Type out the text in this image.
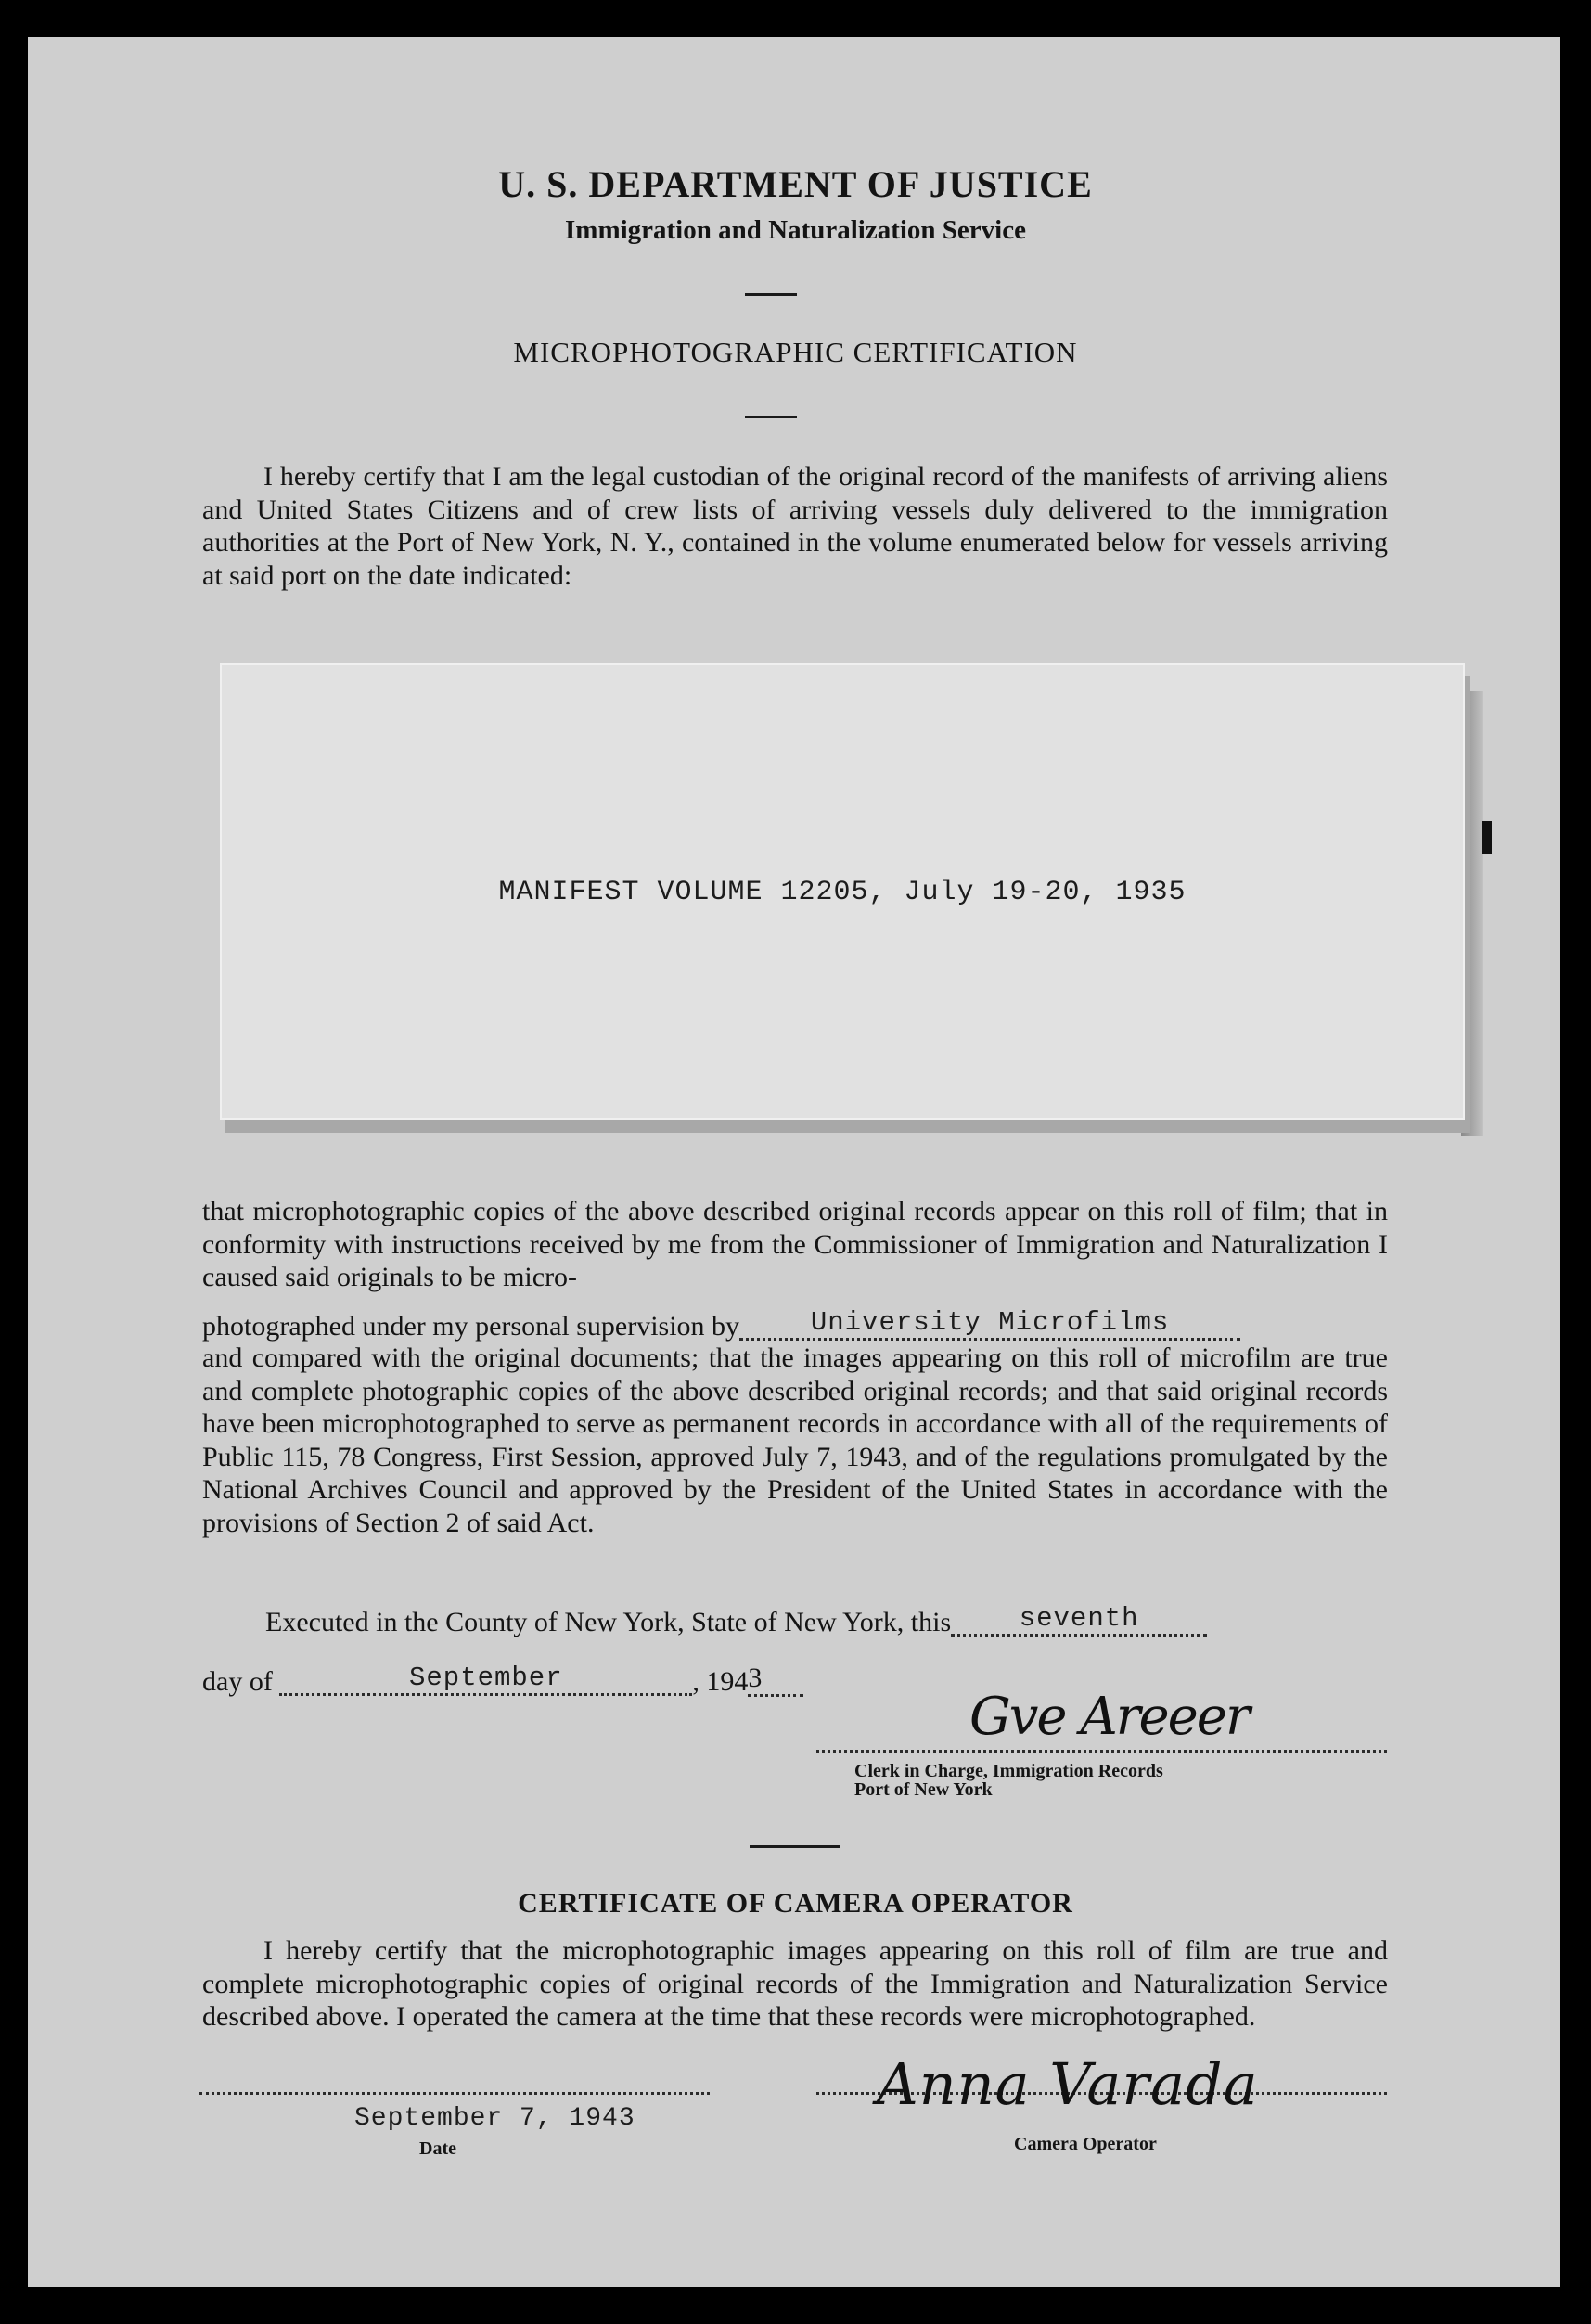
U. S. DEPARTMENT OF JUSTICE
Immigration and Naturalization Service
MICROPHOTOGRAPHIC CERTIFICATION
I hereby certify that I am the legal custodian of the original record of the manifests of arriving aliens and United States Citizens and of crew lists of arriving vessels duly delivered to the immigration authorities at the Port of New York, N. Y., contained in the volume enumerated below for vessels arriving at said port on the date indicated:
MANIFEST VOLUME 12205, July 19-20, 1935
that microphotographic copies of the above described original records appear on this roll of film; that in conformity with instructions received by me from the Commissioner of Immigration and Naturalization I caused said originals to be micro-
photographed under my personal supervision by	University Microfilms
and compared with the original documents; that the images appearing on this roll of microfilm are true and complete photographic copies of the above described original records; and that said original records have been microphotographed to serve as permanent records in accordance with all of the requirements of Public 115, 78 Congress, First Session, approved July 7, 1943, and of the regulations promulgated by the National Archives Council and approved by the President of the United States in accordance with the provisions of Section 2 of said Act.
Executed in the County of New York, State of New York, this	seventh
day of	September	, 1943
Gve Areeer
Clerk in Charge, Immigration Records
Port of New York
CERTIFICATE OF CAMERA OPERATOR
I hereby certify that the microphotographic images appearing on this roll of film are true and complete microphotographic copies of original records of the Immigration and Naturalization Service described above. I operated the camera at the time that these records were microphotographed.
September 7, 1943
Date
Anna Varada
Camera Operator
